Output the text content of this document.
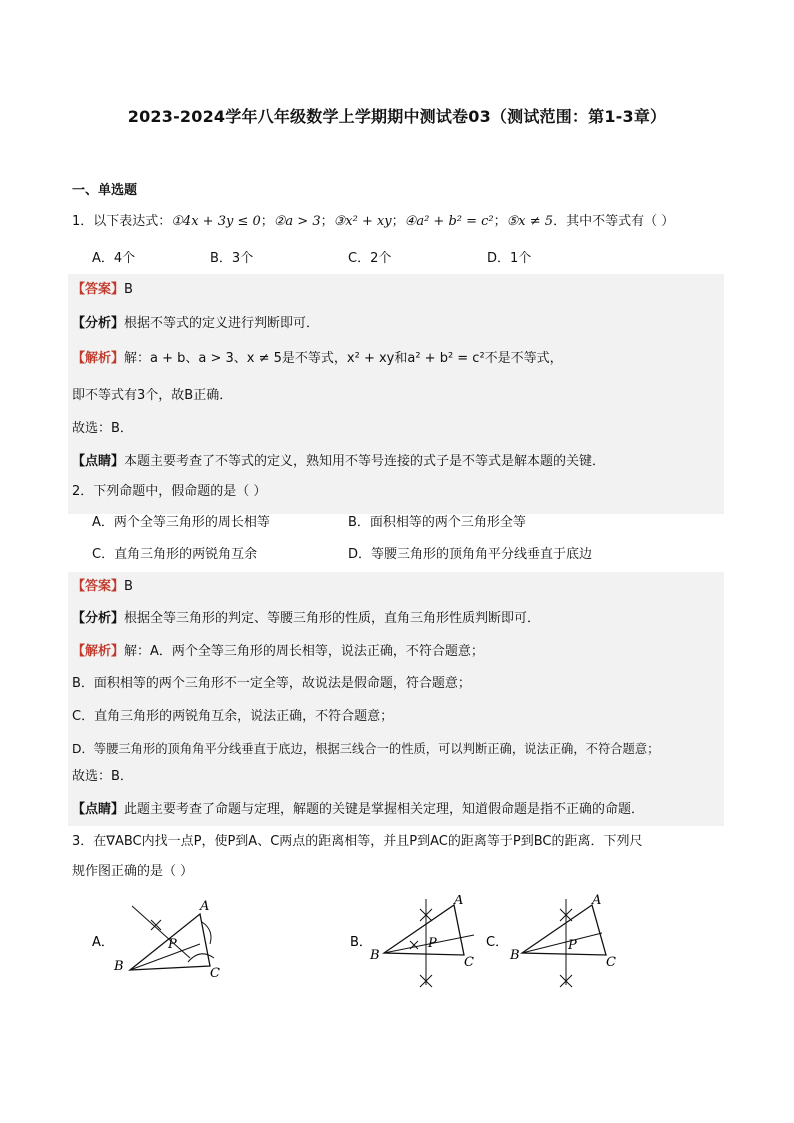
2023-2024学年八年级数学上学期期中测试卷03（测试范围：第1-3章）
一、单选题
1．以下表达式：①4x + 3y ≤ 0；②a > 3；③x² + xy；④a² + b² = c²；⑤x ≠ 5．其中不等式有（ ）
A．4个	B．3个	C．2个	D．1个
【答案】B
【分析】根据不等式的定义进行判断即可．
【解析】解：a + b、a > 3、x ≠ 5是不等式，x² + xy和a² + b² = c²不是不等式，
即不等式有3个，故B正确．
故选：B．
【点睛】本题主要考查了不等式的定义，熟知用不等号连接的式子是不等式是解本题的关键．
2．下列命题中，假命题的是（ ）
A．两个全等三角形的周长相等	B．面积相等的两个三角形全等
C．直角三角形的两锐角互余	D．等腰三角形的顶角角平分线垂直于底边
【答案】B
【分析】根据全等三角形的判定、等腰三角形的性质，直角三角形性质判断即可．
【解析】解：A．两个全等三角形的周长相等，说法正确，不符合题意；
B．面积相等的两个三角形不一定全等，故说法是假命题，符合题意；
C．直角三角形的两锐角互余，说法正确，不符合题意；
D．等腰三角形的顶角角平分线垂直于底边，根据三线合一的性质，可以判断正确，说法正确，不符合题意；
故选：B．
【点睛】此题主要考查了命题与定理，解题的关键是掌握相关定理，知道假命题是指不正确的命题．
3．在∇ABC内找一点P，使P到A、C两点的距离相等，并且P到AC的距离等于P到BC的距离．下列尺
规作图正确的是（ ）
A．
A
B	C
P	B．
A
B	C
P	C．
A
B	C
P
